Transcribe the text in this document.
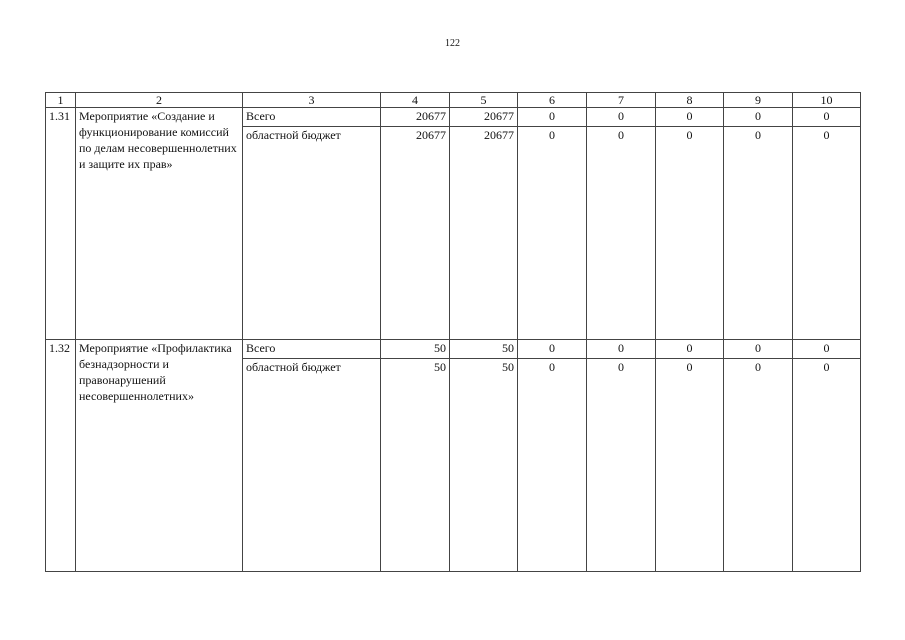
122
1	2	3	4	5	6	7	8	9	10
1.31	Мероприятие «Создание и функционирование комиссий по делам несовершеннолетних и защите их прав»	Всего	20677	20677	0	0	0	0	0
		областной бюджет	20677	20677	0	0	0	0	0
1.32	Мероприятие «Профилактика безнадзорности и правонарушений несовершеннолетних»	Всего	50	50	0	0	0	0	0
		областной бюджет	50	50	0	0	0	0	0
